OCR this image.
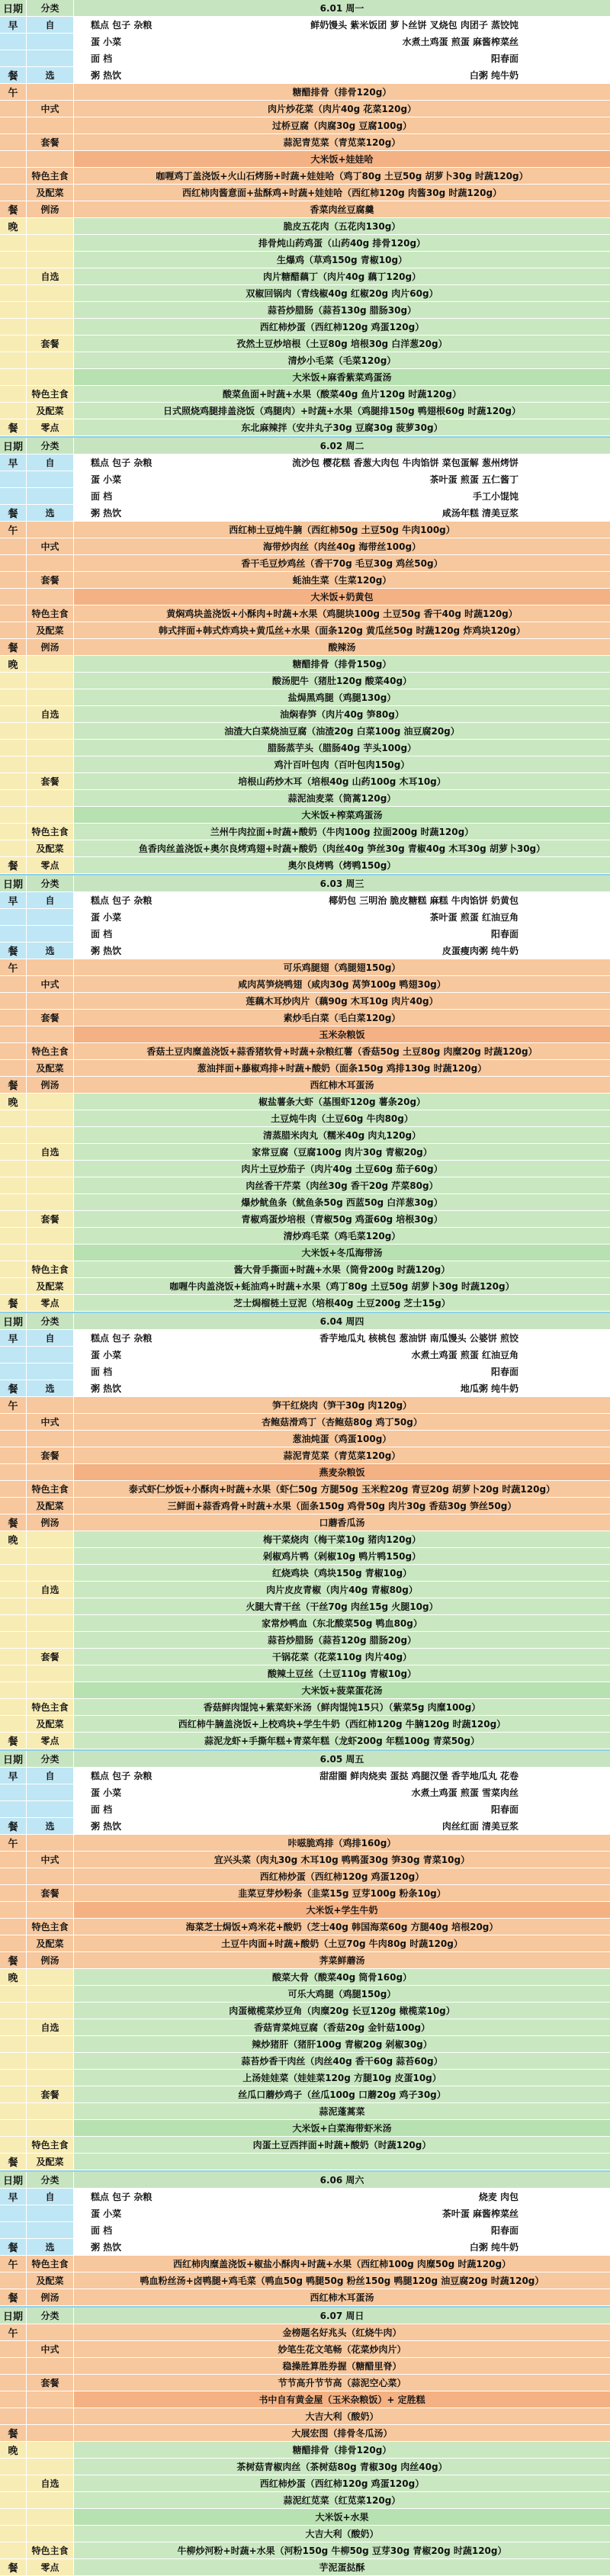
日期	分类	6.01 周一
早	自	糕点 包子 杂粮	鲜奶馒头 紫米饭团 萝卜丝饼 叉烧包 肉团子 蒸饺饨
蛋 小菜	水煮土鸡蛋 煎蛋 麻酱榨菜丝
面 档	阳春面
餐	选	粥 热饮	白粥 纯牛奶
午	糖醋排骨（排骨120g）
中式	肉片炒花菜（肉片40g 花菜120g）
过桥豆腐（肉腐30g 豆腐100g）
套餐	蒜泥青苋菜（青苋菜120g）
大米饭+娃娃哈
特色主食	咖喱鸡丁盖浇饭+火山石烤肠+时蔬+娃娃哈（鸡丁80g 土豆50g 胡萝卜30g 时蔬120g）
及配菜	西红柿肉酱意面+盐酥鸡+时蔬+娃娃哈（西红柿120g 肉酱30g 时蔬120g）
餐	例汤	香菜肉丝豆腐羹
晚	脆皮五花肉（五花肉130g）
排骨炖山药鸡蛋（山药40g 排骨120g）
生爆鸡（草鸡150g 青椒10g）
自选	肉片糖醋藕丁（肉片40g 藕丁120g）
双椒回锅肉（青线椒40g 红椒20g 肉片60g）
蒜苔炒腊肠（蒜苔130g 腊肠30g）
西红柿炒蛋（西红柿120g 鸡蛋120g）
套餐	孜然土豆炒培根（土豆80g 培根30g 白洋葱20g）
清炒小毛菜（毛菜120g）
大米饭+麻香紫菜鸡蛋汤
特色主食	酸菜鱼面+时蔬+水果（酸菜40g 鱼片120g 时蔬120g）
及配菜	日式照烧鸡腿排盖浇饭（鸡腿肉）+时蔬+水果（鸡腿排150g 鸭翅根60g 时蔬120g）
餐	零点	东北麻辣拌（安井丸子30g 豆腐30g 菠萝30g）
日期	分类	6.02 周二
早	自	糕点 包子 杂粮	流沙包 樱花糕 香葱大肉包 牛肉馅饼 菜包蛋解 葱州烤饼
蛋 小菜	茶叶蛋 煎蛋 五仁酱丁
面 档	手工小馄饨
餐	选	粥 热饮	咸汤年糕 清美豆浆
午	西红柿土豆炖牛腩（西红柿50g 土豆50g 牛肉100g）
中式	海带炒肉丝（肉丝40g 海带丝100g）
香干毛豆炒鸡丝（香干70g 毛豆30g 鸡丝50g）
套餐	蚝油生菜（生菜120g）
大米饭+奶黄包
特色主食	黄焖鸡块盖浇饭+小酥肉+时蔬+水果（鸡腿块100g 土豆50g 香干40g 时蔬120g）
及配菜	韩式拌面+韩式炸鸡块+黄瓜丝+水果（面条120g 黄瓜丝50g 时蔬120g 炸鸡块120g）
餐	例汤	酸辣汤
晚	糖醋排骨（排骨150g）
酸汤肥牛（猪肚120g 酸菜40g）
盐焗黑鸡腿（鸡腿130g）
自选	油焖春笋（肉片40g 笋80g）
油渣大白菜烧油豆腐（油渣20g 白菜100g 油豆腐20g）
腊肠蒸芋头（腊肠40g 芋头100g）
鸡汁百叶包肉（百叶包肉150g）
套餐	培根山药炒木耳（培根40g 山药100g 木耳10g）
蒜泥油麦菜（筒蒿120g）
大米饭+榨菜鸡蛋汤
特色主食	兰州牛肉拉面+时蔬+酸奶（牛肉100g 拉面200g 时蔬120g）
及配菜	鱼香肉丝盖浇饭+奥尔良烤鸡翅+时蔬+酸奶（肉丝40g 笋丝30g 青椒40g 木耳30g 胡萝卜30g）
餐	零点	奥尔良烤鸭（烤鸭150g）
日期	分类	6.03 周三
早	自	糕点 包子 杂粮	椰奶包 三明治 脆皮糖糕 麻糕 牛肉馅饼 奶黄包
蛋 小菜	茶叶蛋 煎蛋 红油豆角
面 档	阳春面
餐	选	粥 热饮	皮蛋瘦肉粥 纯牛奶
午	可乐鸡腿翅（鸡腿翅150g）
中式	咸肉莴笋烧鸭翅（咸肉30g 莴笋100g 鸭翅30g）
莲藕木耳炒肉片（藕90g 木耳10g 肉片40g）
套餐	素炒毛白菜（毛白菜120g）
玉米杂粮饭
特色主食	香菇土豆肉糜盖浇饭+蒜香猪软骨+时蔬+杂粮红薯（香菇50g 土豆80g 肉糜20g 时蔬120g）
及配菜	葱油拌面+藤椒鸡排+时蔬+酸奶（面条150g 鸡排130g 时蔬120g）
餐	例汤	西红柿木耳蛋汤
晚	椒盐薯条大虾（基围虾120g 薯条20g）
土豆炖牛肉（土豆60g 牛肉80g）
清蒸腊米肉丸（糯米40g 肉丸120g）
自选	家常豆腐（豆腐100g 肉片30g 青椒20g）
肉片土豆炒茄子（肉片40g 土豆60g 茄子60g）
肉丝香干芹菜（肉丝30g 香干20g 芹菜80g）
爆炒鱿鱼条（鱿鱼条50g 西蓝50g 白洋葱30g）
套餐	青椒鸡蛋炒培根（青椒50g 鸡蛋60g 培根30g）
清炒鸡毛菜（鸡毛菜120g）
大米饭+冬瓜海带汤
特色主食	酱大骨手撕面+时蔬+水果（筒骨200g 时蔬120g）
及配菜	咖喱牛肉盖浇饭+蚝油鸡+时蔬+水果（鸡丁80g 土豆50g 胡萝卜30g 时蔬120g）
餐	零点	芝士焗榴梿土豆泥（培根40g 土豆200g 芝士15g）
日期	分类	6.04 周四
早	自	糕点 包子 杂粮	香芋地瓜丸 核桃包 葱油饼 南瓜馒头 公婆饼 煎饺
蛋 小菜	水煮土鸡蛋 煎蛋 红油豆角
面 档	阳春面
餐	选	粥 热饮	地瓜粥 纯牛奶
午	笋干红烧肉（笋干30g 肉120g）
中式	杏鲍菇滑鸡丁（杏鲍菇80g 鸡丁50g）
葱油炖蛋（鸡蛋100g）
套餐	蒜泥青苋菜（青苋菜120g）
燕麦杂粮饭
特色主食	泰式虾仁炒饭+小酥肉+时蔬+水果（虾仁50g 方腿50g 玉米粒20g 青豆20g 胡萝卜20g 时蔬120g）
及配菜	三鲜面+蒜香鸡骨+时蔬+水果（面条150g 鸡骨50g 肉片30g 香菇30g 笋丝50g）
餐	例汤	口蘑香瓜汤
晚	梅干菜烧肉（梅干菜10g 猪肉120g）
剁椒鸡片鸭（剁椒10g 鸭片鸭150g）
红烧鸡块（鸡块150g 青椒10g）
自选	肉片皮皮青椒（肉片40g 青椒80g）
火腿大青干丝（干丝70g 肉丝15g 火腿10g）
家常炒鸭血（东北酸菜50g 鸭血80g）
蒜苔炒腊肠（蒜苔120g 腊肠20g）
套餐	干锅花菜（花菜110g 肉片40g）
酸辣土豆丝（土豆110g 青椒10g）
大米饭+菠菜蛋花汤
特色主食	香菇鲜肉馄饨+紫菜虾米汤（鲜肉馄饨15只）（紫菜5g 肉糜100g）
及配菜	西红柿牛腩盖浇饭+上校鸡块+学生牛奶（西红柿120g 牛腩120g 时蔬120g）
餐	零点	蒜泥龙虾+手撕年糕+青菜年糕（龙虾200g 年糕100g 青菜50g）
日期	分类	6.05 周五
早	自	糕点 包子 杂粮	甜甜圈 鲜肉烧卖 蛋挞 鸡腿汉堡 香芋地瓜丸 花卷
蛋 小菜	水煮土鸡蛋 煎蛋 雪菜肉丝
面 档	阳春面
餐	选	粥 热饮	肉丝红面 清美豆浆
午	咔嗞脆鸡排（鸡排160g）
中式	宜兴头菜（肉丸30g 木耳10g 鸭鸭蛋30g 笋30g 青菜10g）
西红柿炒蛋（西红柿120g 鸡蛋120g）
套餐	韭菜豆芽炒粉条（韭菜15g 豆芽100g 粉条10g）
大米饭+学生牛奶
特色主食	海菜芝士焗饭+鸡米花+酸奶（芝士40g 韩国海菜60g 方腿40g 培根20g）
及配菜	土豆牛肉面+时蔬+酸奶（土豆70g 牛肉80g 时蔬120g）
餐	例汤	荠菜鲜蘑汤
晚	酸菜大骨（酸菜40g 筒骨160g）
可乐大鸡腿（鸡腿150g）
肉蛋橄榄菜炒豆角（肉糜20g 长豆120g 橄榄菜10g）
自选	香菇青菜炖豆腐（香菇20g 金针菇100g）
辣炒猪肝（猪肝100g 青椒20g 剁椒30g）
蒜苔炒香干肉丝（肉丝40g 香干60g 蒜苔60g）
上汤娃娃菜（娃娃菜120g 方腿10g 皮蛋10g）
套餐	丝瓜口蘑炒鸡子（丝瓜100g 口蘑20g 鸡子30g）
蒜泥蓬蒿菜
大米饭+白菜海带虾米汤
特色主食	肉蛋土豆西拌面+时蔬+酸奶（时蔬120g）
餐	及配菜
日期	分类	6.06 周六
早	自	糕点 包子 杂粮	烧麦 肉包
蛋 小菜	茶叶蛋 麻酱榨菜丝
面 档	阳春面
餐	选	粥 热饮	白粥 纯牛奶
午	特色主食	西红柿肉糜盖浇饭+椒盐小酥肉+时蔬+水果（西红柿100g 肉糜50g 时蔬120g）
及配菜	鸭血粉丝汤+卤鸭腿+鸡毛菜（鸭血50g 鸭腿50g 粉丝150g 鸭腿120g 油豆腐20g 时蔬120g）
餐	例汤	西红柿木耳蛋汤
日期	分类	6.07 周日
午	金榜题名好兆头（红烧牛肉）
中式	妙笔生花文笔畅（花菜炒肉片）
稳操胜算胜券握（糖醋里脊）
套餐	节节高升节节高（蒜泥空心菜）
书中自有黄金屋（玉米杂粮饭）+ 定胜糕
大吉大利（酸奶）
餐	大展宏图（排骨冬瓜汤）
晚	糖醋排骨（排骨120g）
茶树菇青椒肉丝（茶树菇80g 青椒30g 肉丝40g）
自选	西红柿炒蛋（西红柿120g 鸡蛋120g）
蒜泥红苋菜（红苋菜120g）
大米饭+水果
大吉大利（酸奶）
特色主食	牛柳炒河粉+时蔬+水果（河粉150g 牛柳50g 豆芽30g 青椒20g 时蔬120g）
餐	零点	芋泥蛋挞酥
